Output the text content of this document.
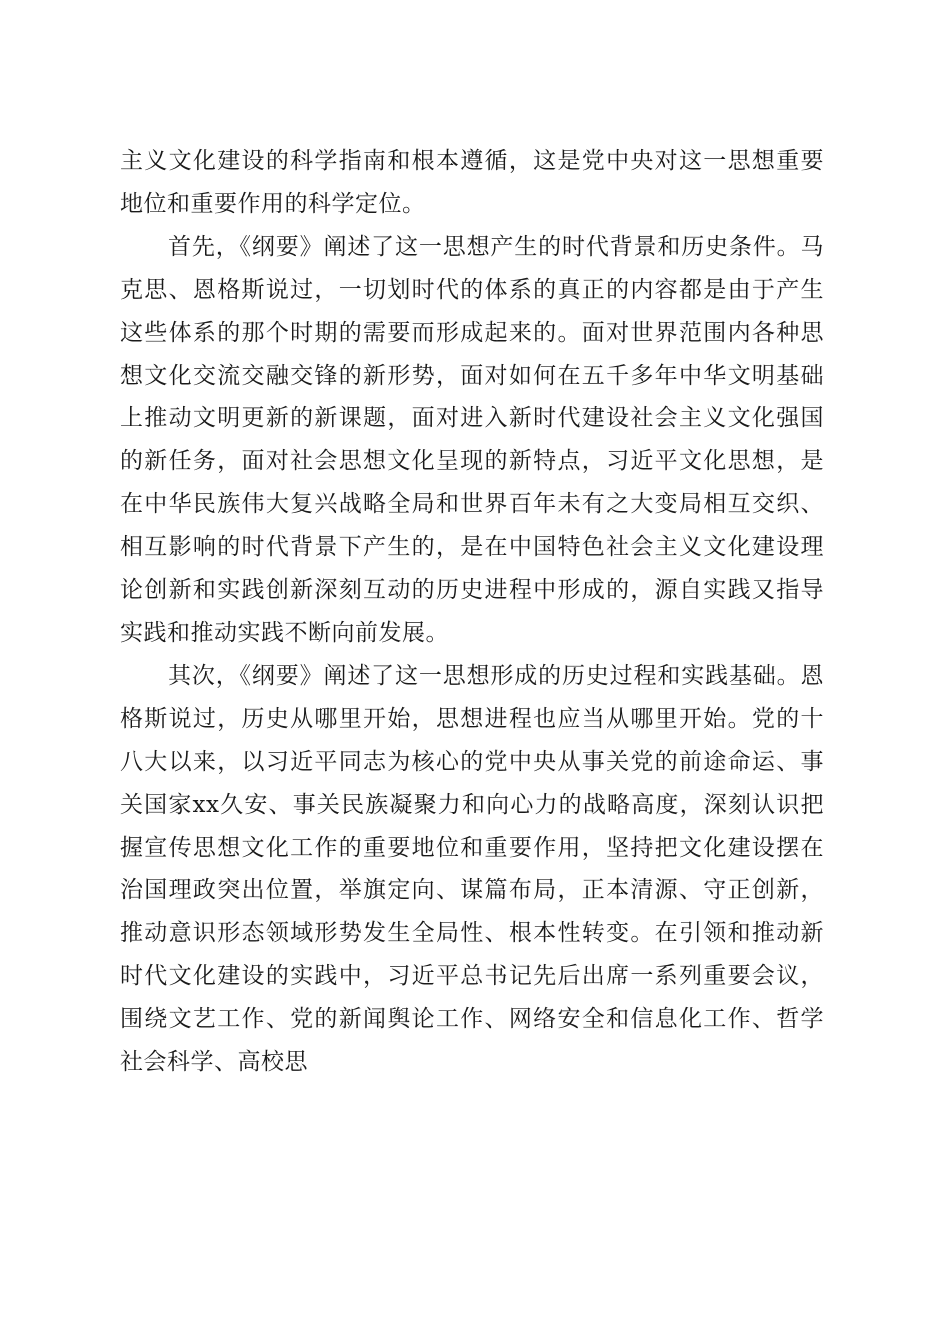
主义文化建设的科学指南和根本遵循，这是党中央对这一思想重要地位和重要作用的科学定位。

首先，《纲要》阐述了这一思想产生的时代背景和历史条件。马克思、恩格斯说过，一切划时代的体系的真正的内容都是由于产生这些体系的那个时期的需要而形成起来的。面对世界范围内各种思想文化交流交融交锋的新形势，面对如何在五千多年中华文明基础上推动文明更新的新课题，面对进入新时代建设社会主义文化强国的新任务，面对社会思想文化呈现的新特点，习近平文化思想，是在中华民族伟大复兴战略全局和世界百年未有之大变局相互交织、相互影响的时代背景下产生的，是在中国特色社会主义文化建设理论创新和实践创新深刻互动的历史进程中形成的，源自实践又指导实践和推动实践不断向前发展。

其次，《纲要》阐述了这一思想形成的历史过程和实践基础。恩格斯说过，历史从哪里开始，思想进程也应当从哪里开始。党的十八大以来，以习近平同志为核心的党中央从事关党的前途命运、事关国家xx久安、事关民族凝聚力和向心力的战略高度，深刻认识把握宣传思想文化工作的重要地位和重要作用，坚持把文化建设摆在治国理政突出位置，举旗定向、谋篇布局，正本清源、守正创新，推动意识形态领域形势发生全局性、根本性转变。在引领和推动新时代文化建设的实践中，习近平总书记先后出席一系列重要会议，围绕文艺工作、党的新闻舆论工作、网络安全和信息化工作、哲学社会科学、高校思
